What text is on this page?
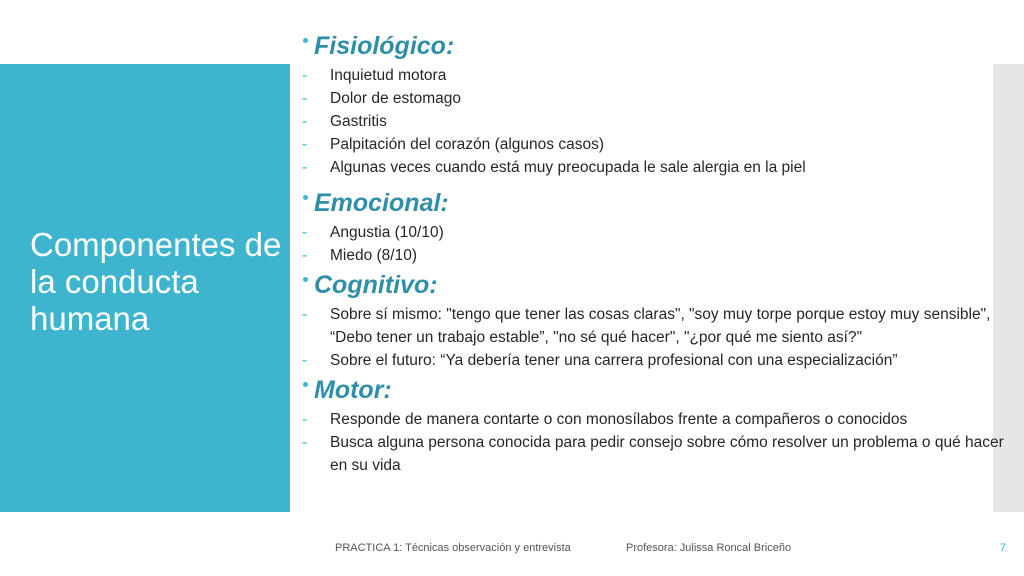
Componentes de la conducta humana
Fisiológico:
- Inquietud motora
- Dolor de estomago
- Gastritis
- Palpitación del corazón (algunos casos)
- Algunas veces cuando está muy preocupada le sale alergia en la piel
Emocional:
- Angustia (10/10)
- Miedo (8/10)
Cognitivo:
- Sobre sí mismo: "tengo que tener las cosas claras", "soy muy torpe porque estoy muy sensible", “Debo tener un trabajo estable”, "no sé qué hacer", "¿por qué me siento así?"
- Sobre el futuro: “Ya debería tener una carrera profesional con una especialización”
Motor:
- Responde de manera contarte o con monosílabos frente a compañeros o conocidos
- Busca alguna persona conocida para pedir consejo sobre cómo resolver un problema o qué hacer en su vida
PRACTICA 1: Técnicas observación y entrevista	Profesora: Julissa Roncal Briceño	7
